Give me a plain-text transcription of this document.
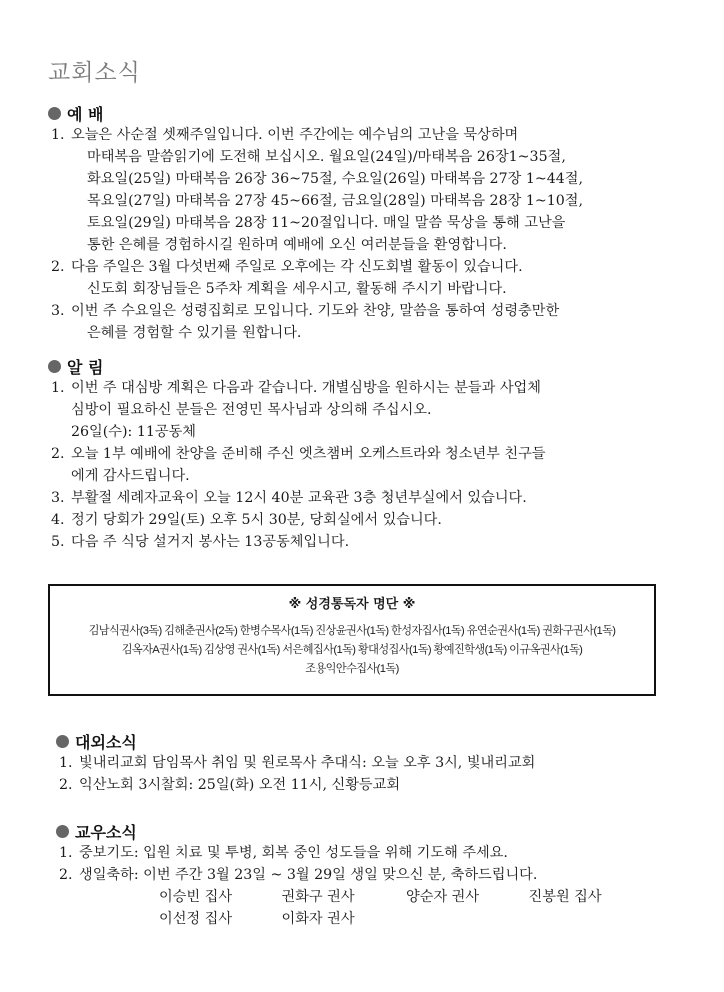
교회소식
예 배
1. 오늘은 사순절 셋째주일입니다. 이번 주간에는 예수님의 고난을 묵상하며
마태복음 말씀읽기에 도전해 보십시오. 월요일(24일)/마태복음 26장1~35절,
화요일(25일) 마태복음 26장 36~75절, 수요일(26일) 마태복음 27장 1~44절,
목요일(27일) 마태복음 27장 45~66절, 금요일(28일) 마태복음 28장 1~10절,
토요일(29일) 마태복음 28장 11~20절입니다. 매일 말씀 묵상을 통해 고난을
통한 은혜를 경험하시길 원하며 예배에 오신 여러분들을 환영합니다.
2. 다음 주일은 3월 다섯번째 주일로 오후에는 각 신도회별 활동이 있습니다.
신도회 회장님들은 5주차 계획을 세우시고, 활동해 주시기 바랍니다.
3. 이번 주 수요일은 성령집회로 모입니다. 기도와 찬양, 말씀을 통하여 성령충만한
은혜를 경험할 수 있기를 원합니다.
알 림
1. 이번 주 대심방 계획은 다음과 같습니다. 개별심방을 원하시는 분들과 사업체
심방이 필요하신 분들은 전영민 목사님과 상의해 주십시오.
26일(수): 11공동체
2. 오늘 1부 예배에 찬양을 준비해 주신 엣츠챔버 오케스트라와 청소년부 친구들
에게 감사드립니다.
3. 부활절 세례자교육이 오늘 12시 40분 교육관 3층 청년부실에서 있습니다.
4. 정기 당회가 29일(토) 오후 5시 30분, 당회실에서 있습니다.
5. 다음 주 식당 설거지 봉사는 13공동체입니다.
※ 성경통독자 명단 ※
김남식권사(3독) 김해춘권사(2독) 한병수목사(1독) 진상윤권사(1독) 한성자집사(1독) 유연순권사(1독) 권화구권사(1독)
김옥자A권사(1독) 김상영 권사(1독) 서은혜집사(1독) 황대성집사(1독) 황예진학생(1독) 이규옥권사(1독)
조용익안수집사(1독)
대외소식
1. 빛내리교회 담임목사 취임 및 원로목사 추대식: 오늘 오후 3시, 빛내리교회
2. 익산노회 3시찰회: 25일(화) 오전 11시, 신황등교회
교우소식
1. 중보기도: 입원 치료 및 투병, 회복 중인 성도들을 위해 기도해 주세요.
2. 생일축하: 이번 주간 3월 23일 ~ 3월 29일 생일 맞으신 분, 축하드립니다.
이승빈 집사	권화구 권사	양순자 권사	진봉원 집사
이선정 집사	이화자 권사
